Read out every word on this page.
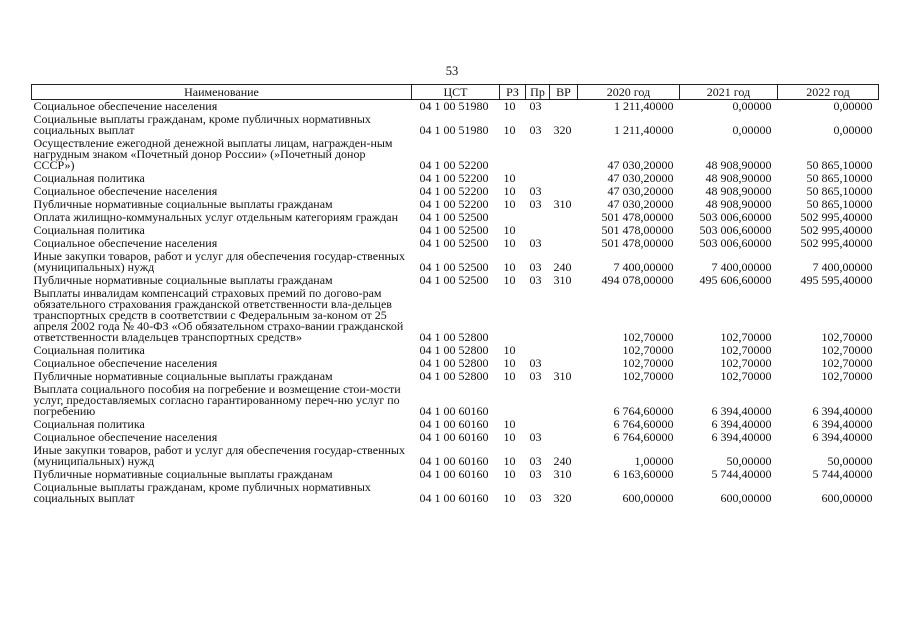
53
Наименование	ЦСТ	РЗ	Пр	ВР	2020 год	2021 год	2022 год
Социальное обеспечение населения	04 1 00 51980	10	03		1 211,40000	0,00000	0,00000
Социальные выплаты гражданам, кроме публичных нормативных социальных выплат	04 1 00 51980	10	03	320	1 211,40000	0,00000	0,00000
Осуществление ежегодной денежной выплаты лицам, награжден-ным нагрудным знаком «Почетный донор России» (»Почетный донор СССР»)	04 1 00 52200				47 030,20000	48 908,90000	50 865,10000
Социальная политика	04 1 00 52200	10			47 030,20000	48 908,90000	50 865,10000
Социальное обеспечение населения	04 1 00 52200	10	03		47 030,20000	48 908,90000	50 865,10000
Публичные нормативные социальные выплаты гражданам	04 1 00 52200	10	03	310	47 030,20000	48 908,90000	50 865,10000
Оплата жилищно-коммунальных услуг отдельным категориям граждан	04 1 00 52500				501 478,00000	503 006,60000	502 995,40000
Социальная политика	04 1 00 52500	10			501 478,00000	503 006,60000	502 995,40000
Социальное обеспечение населения	04 1 00 52500	10	03		501 478,00000	503 006,60000	502 995,40000
Иные закупки товаров, работ и услуг для обеспечения государ-ственных (муниципальных) нужд	04 1 00 52500	10	03	240	7 400,00000	7 400,00000	7 400,00000
Публичные нормативные социальные выплаты гражданам	04 1 00 52500	10	03	310	494 078,00000	495 606,60000	495 595,40000
Выплаты инвалидам компенсаций страховых премий по догово-рам обязательного страхования гражданской ответственности вла-дельцев транспортных средств в соответствии с Федеральным за-коном от 25 апреля 2002 года № 40-ФЗ «Об обязательном страхо-вании гражданской ответственности владельцев транспортных средств»	04 1 00 52800				102,70000	102,70000	102,70000
Социальная политика	04 1 00 52800	10			102,70000	102,70000	102,70000
Социальное обеспечение населения	04 1 00 52800	10	03		102,70000	102,70000	102,70000
Публичные нормативные социальные выплаты гражданам	04 1 00 52800	10	03	310	102,70000	102,70000	102,70000
Выплата социального пособия на погребение и возмещение стои-мости услуг, предоставляемых согласно гарантированному переч-ню услуг по погребению	04 1 00 60160				6 764,60000	6 394,40000	6 394,40000
Социальная политика	04 1 00 60160	10			6 764,60000	6 394,40000	6 394,40000
Социальное обеспечение населения	04 1 00 60160	10	03		6 764,60000	6 394,40000	6 394,40000
Иные закупки товаров, работ и услуг для обеспечения государ-ственных (муниципальных) нужд	04 1 00 60160	10	03	240	1,00000	50,00000	50,00000
Публичные нормативные социальные выплаты гражданам	04 1 00 60160	10	03	310	6 163,60000	5 744,40000	5 744,40000
Социальные выплаты гражданам, кроме публичных нормативных социальных выплат	04 1 00 60160	10	03	320	600,00000	600,00000	600,00000
